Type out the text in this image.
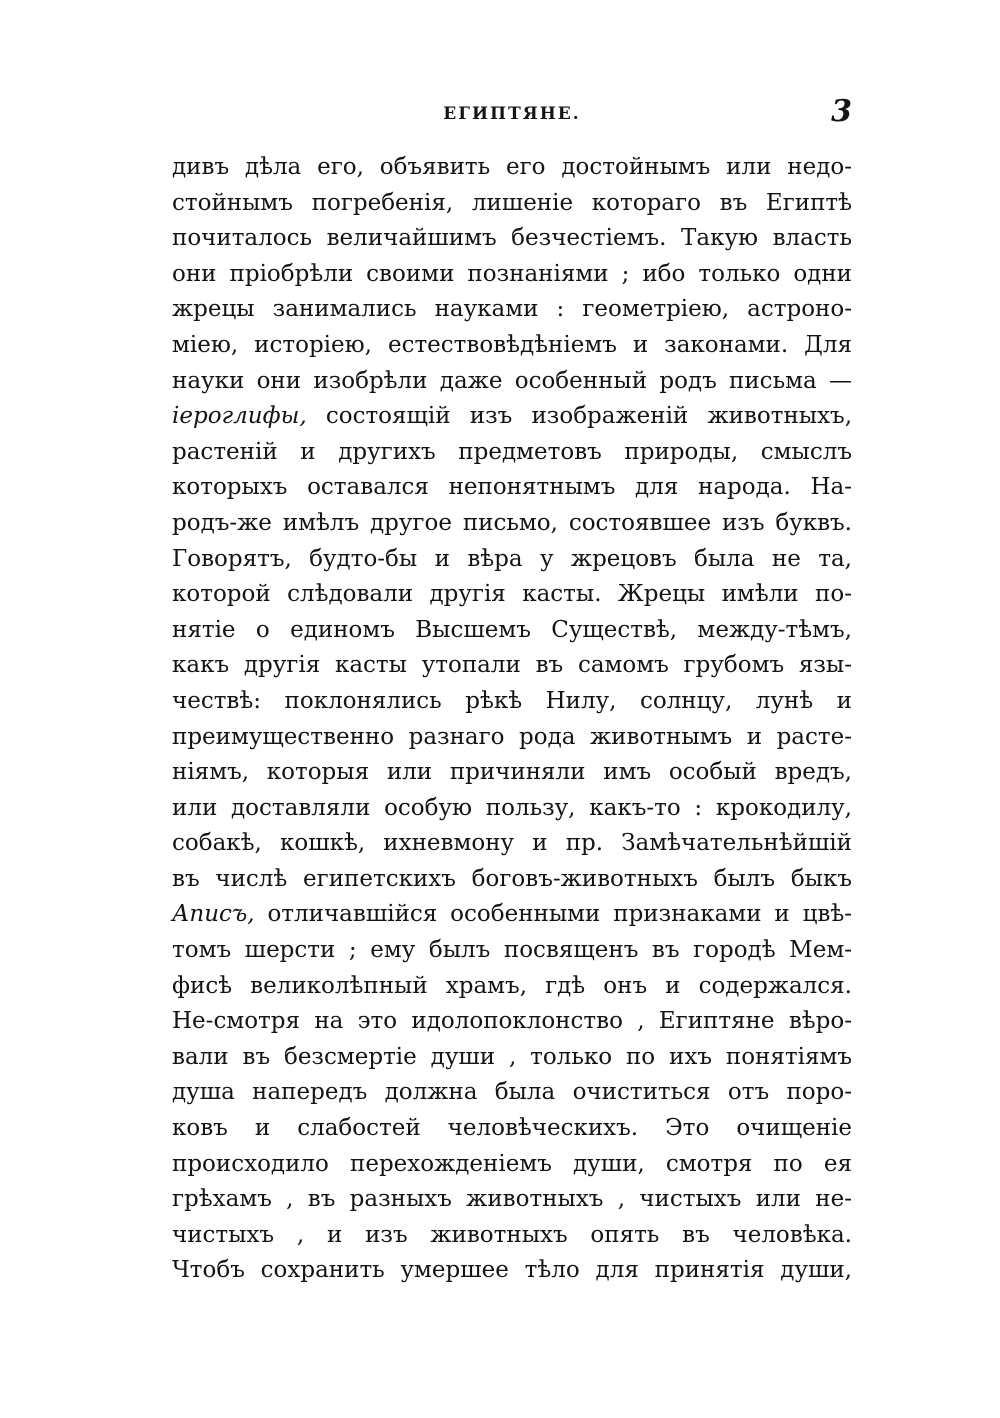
ЕГИПТЯНЕ.	3
дивъ дѣла его, объявить его достойнымъ или недо-
стойнымъ погребенія, лишеніе котораго въ Египтѣ
почиталось величайшимъ безчестіемъ. Такую власть
они пріобрѣли своими познаніями ; ибо только одни
жрецы занимались науками : геометріею, астроно-
міею, исторіею, естествовѣдѣніемъ и законами. Для
науки они изобрѣли даже особенный родъ письма —
іероглифы, состоящій изъ изображеній животныхъ,
растеній и другихъ предметовъ природы, смыслъ
которыхъ оставался непонятнымъ для народа. На-
родъ-же имѣлъ другое письмо, состоявшее изъ буквъ.
Говорятъ, будто-бы и вѣра у жрецовъ была не та,
которой слѣдовали другія касты. Жрецы имѣли по-
нятіе о единомъ Высшемъ Существѣ, между-тѣмъ,
какъ другія касты утопали въ самомъ грубомъ язы-
чествѣ: поклонялись рѣкѣ Нилу, солнцу, лунѣ и
преимущественно разнаго рода животнымъ и расте-
ніямъ, которыя или причиняли имъ особый вредъ,
или доставляли особую пользу, какъ-то : крокодилу,
собакѣ, кошкѣ, ихневмону и пр. Замѣчательнѣйшій
въ числѣ египетскихъ боговъ-животныхъ былъ быкъ
Аписъ, отличавшійся особенными признаками и цвѣ-
томъ шерсти ; ему былъ посвященъ въ городѣ Мем-
фисѣ великолѣпный храмъ, гдѣ онъ и содержался.
Не-смотря на это идолопоклонство , Египтяне вѣро-
вали въ безсмертіе души , только по ихъ понятіямъ
душа напередъ должна была очиститься отъ поро-
ковъ и слабостей человѣческихъ. Это очищеніе
происходило перехожденіемъ души, смотря по ея
грѣхамъ , въ разныхъ животныхъ , чистыхъ или не-
чистыхъ , и изъ животныхъ опять въ человѣка.
Чтобъ сохранить умершее тѣло для принятія души,
